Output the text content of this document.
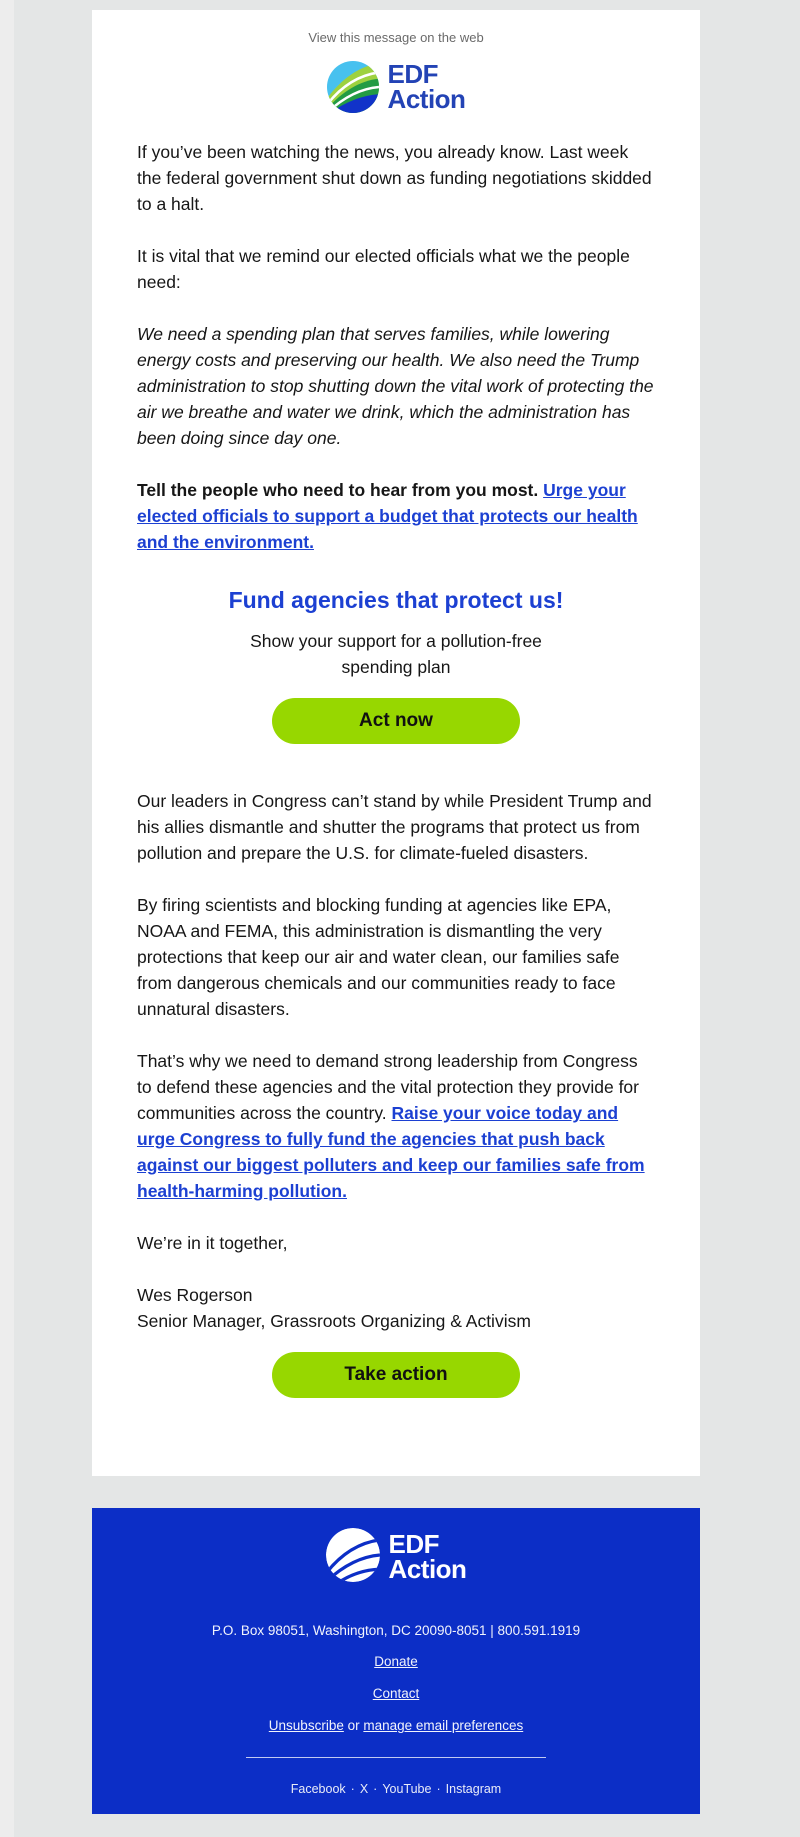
View this message on the web
EDF
Action

If you’ve been watching the news, you already know. Last week the federal government shut down as funding negotiations skidded to a halt.

It is vital that we remind our elected officials what we the people need:

We need a spending plan that serves families, while lowering energy costs and preserving our health. We also need the Trump administration to stop shutting down the vital work of protecting the air we breathe and water we drink, which the administration has been doing since day one.

Tell the people who need to hear from you most. Urge your elected officials to support a budget that protects our health and the environment.

Fund agencies that protect us!
Show your support for a pollution-free spending plan
Act now

Our leaders in Congress can’t stand by while President Trump and his allies dismantle and shutter the programs that protect us from pollution and prepare the U.S. for climate-fueled disasters.

By firing scientists and blocking funding at agencies like EPA, NOAA and FEMA, this administration is dismantling the very protections that keep our air and water clean, our families safe from dangerous chemicals and our communities ready to face unnatural disasters.

That’s why we need to demand strong leadership from Congress to defend these agencies and the vital protection they provide for communities across the country. Raise your voice today and urge Congress to fully fund the agencies that push back against our biggest polluters and keep our families safe from health-harming pollution.

We’re in it together,

Wes Rogerson
Senior Manager, Grassroots Organizing & Activism
Take action
EDF
Action
P.O. Box 98051, Washington, DC 20090-8051 | 800.591.1919
Donate
Contact
Unsubscribe or manage email preferences
Facebook · X · YouTube · Instagram
